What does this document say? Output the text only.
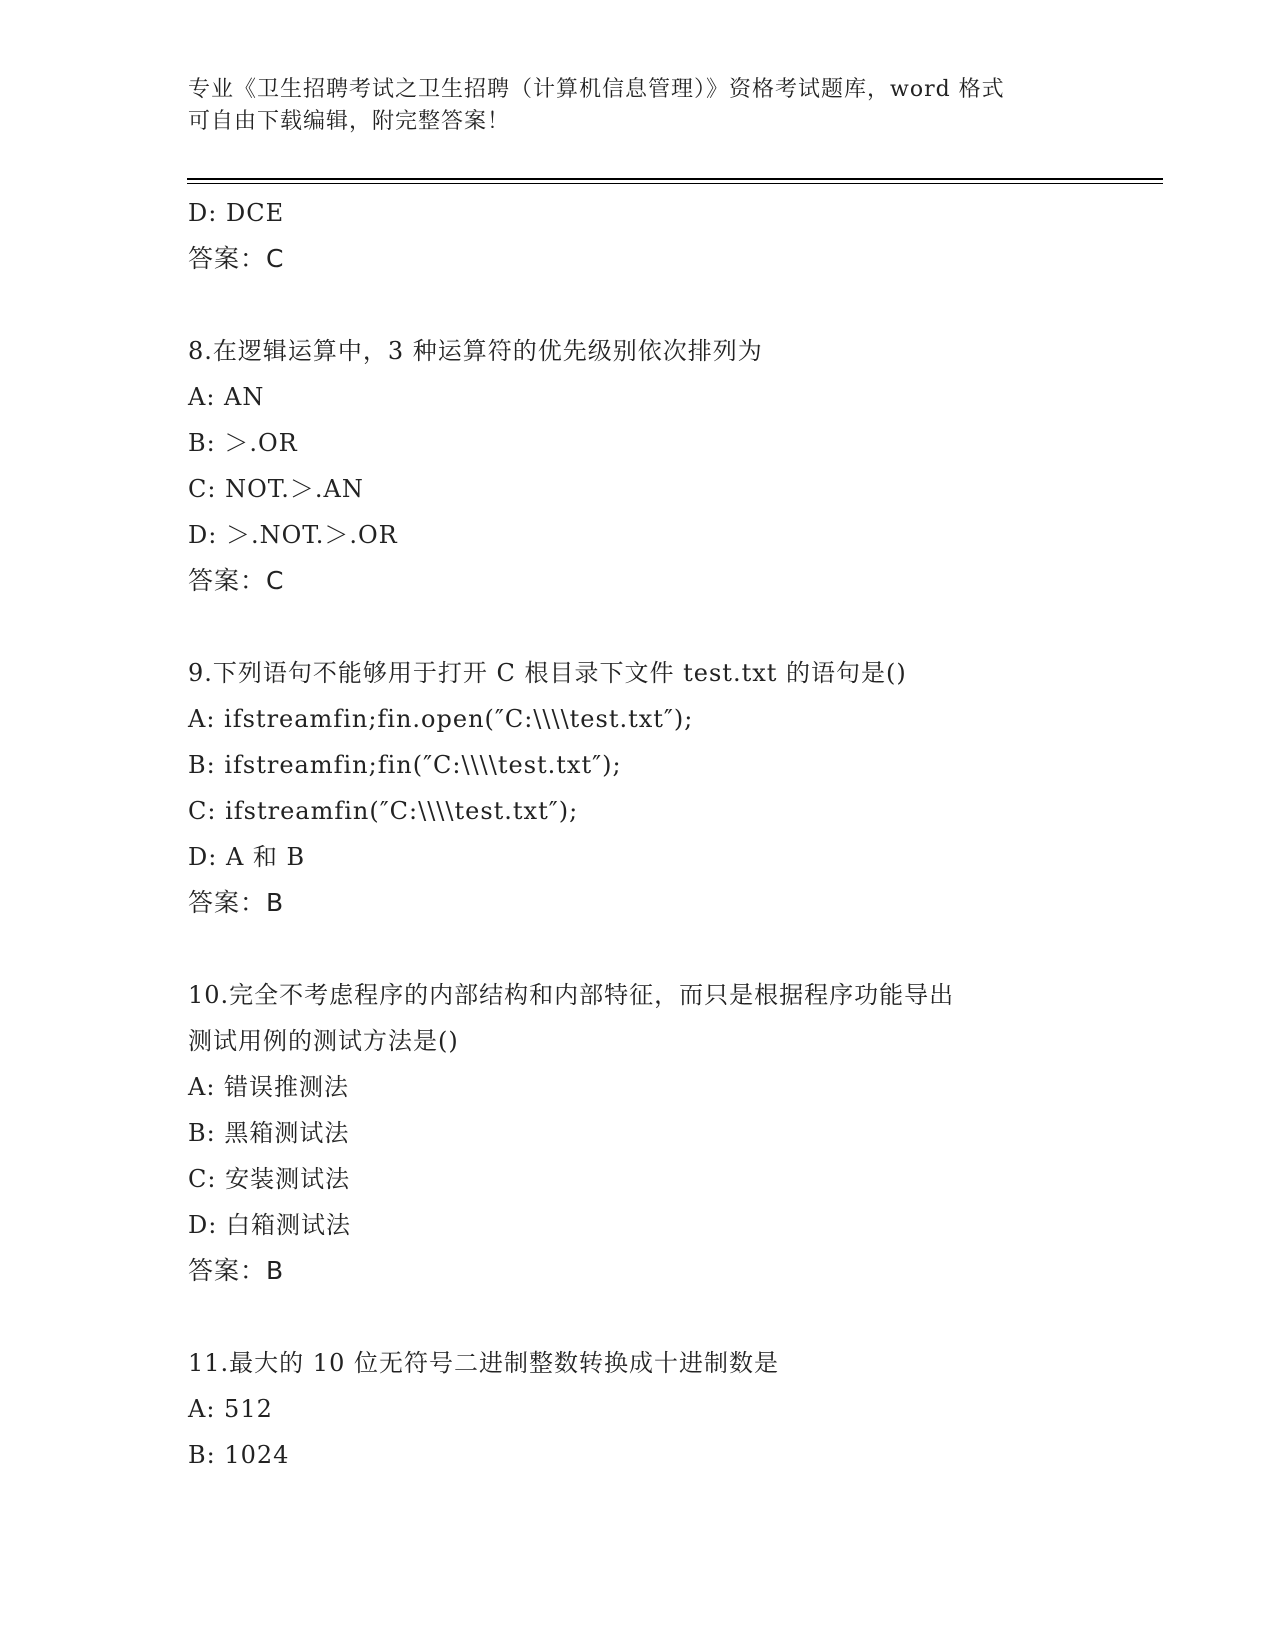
专业《卫生招聘考试之卫生招聘（计算机信息管理）》资格考试题库，word 格式
可自由下载编辑，附完整答案！
D: DCE
答案：C
8.在逻辑运算中，3 种运算符的优先级别依次排列为
A: AN
B: ＞.OR
C: NOT.＞.AN
D: ＞.NOT.＞.OR
答案：C
9.下列语句不能够用于打开 C 根目录下文件 test.txt 的语句是()
A: ifstreamfin;fin.open(″C:\\\\test.txt″);
B: ifstreamfin;fin(″C:\\\\test.txt″);
C: ifstreamfin(″C:\\\\test.txt″);
D: A 和 B
答案：B
10.完全不考虑程序的内部结构和内部特征，而只是根据程序功能导出
测试用例的测试方法是()
A: 错误推测法
B: 黑箱测试法
C: 安装测试法
D: 白箱测试法
答案：B
11.最大的 10 位无符号二进制整数转换成十进制数是
A: 512
B: 1024
